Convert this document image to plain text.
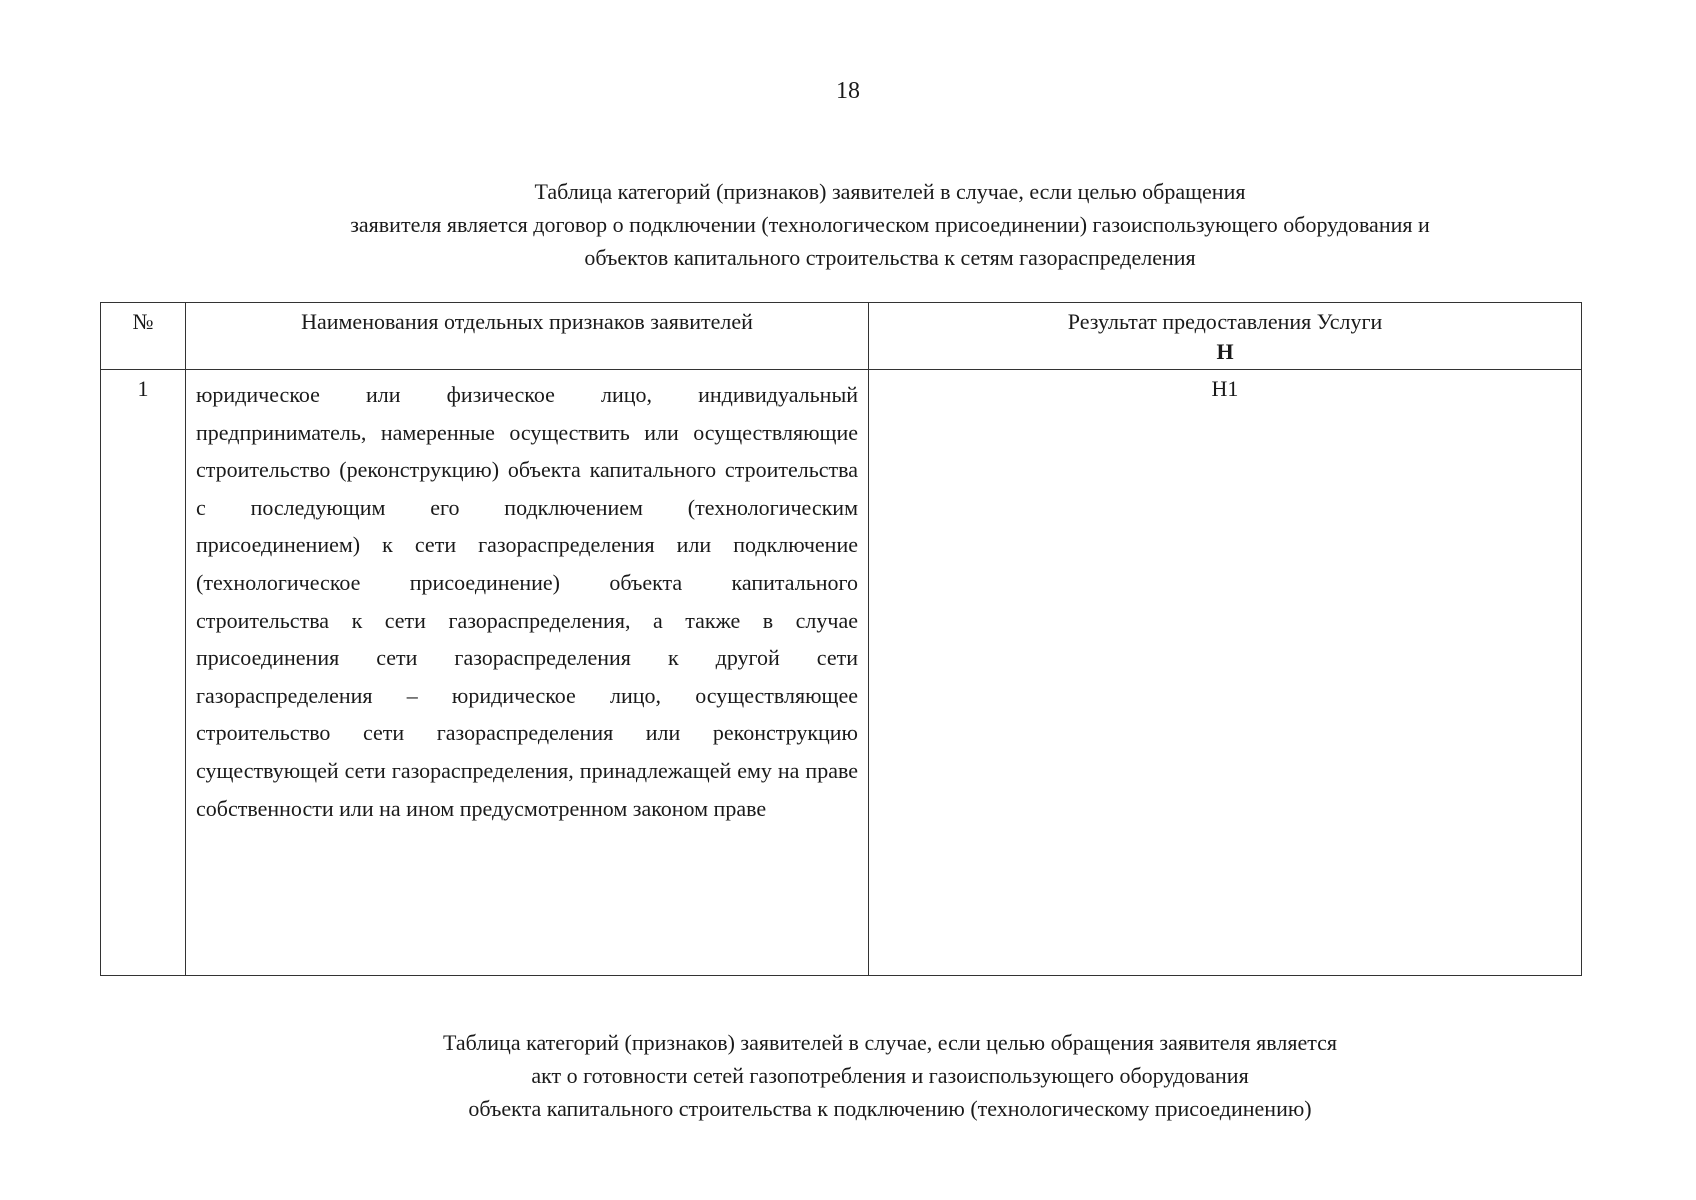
18
Таблица категорий (признаков) заявителей в случае, если целью обращения
заявителя является договор о подключении (технологическом присоединении) газоиспользующего оборудования и
объектов капитального строительства к сетям газораспределения
№	Наименования отдельных признаков заявителей	Результат предоставления Услуги
Н

1	юридическое или физическое лицо, индивидуальный предприниматель, намеренные осуществить или осуществляющие строительство (реконструкцию) объекта капитального строительства с последующим его подключением (технологическим присоединением) к сети газораспределения или подключение (технологическое присоединение) объекта капитального строительства к сети газораспределения, а также в случае присоединения сети газораспределения к другой сети газораспределения – юридическое лицо, осуществляющее строительство сети газораспределения или реконструкцию существующей сети газораспределения, принадлежащей ему на праве собственности или на ином предусмотренном законом праве	Н1
Таблица категорий (признаков) заявителей в случае, если целью обращения заявителя является
акт о готовности сетей газопотребления и газоиспользующего оборудования
объекта капитального строительства к подключению (технологическому присоединению)
